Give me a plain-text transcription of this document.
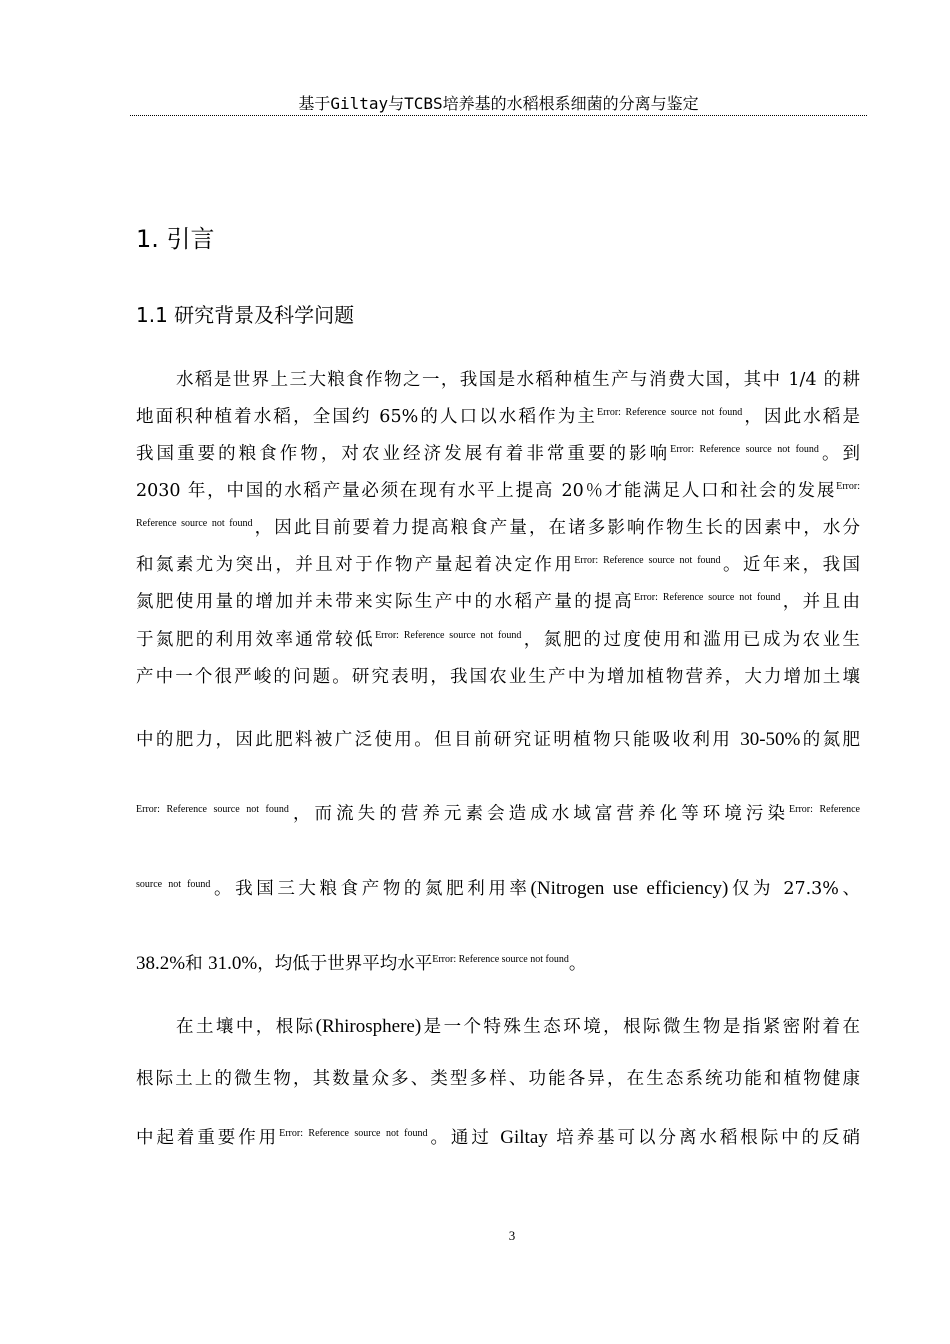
基于Giltay与TCBS培养基的水稻根系细菌的分离与鉴定
1. 引言
1.1 研究背景及科学问题
水稻是世界上三大粮食作物之一，我国是水稻种植生产与消费大国，其中 1/4 的耕
地面积种植着水稻，全国约 65%的人口以水稻作为主$^{Error: Reference source not found}$，因此水稻是
我国重要的粮食作物，对农业经济发展有着非常重要的影响$^{Error: Reference source not found}$。到
2030 年，中国的水稻产量必须在现有水平上提高 20％才能满足人口和社会的发展$^{Error:}$
$^{Reference source not found}$，因此目前要着力提高粮食产量，在诸多影响作物生长的因素中，水分
和氮素尤为突出，并且对于作物产量起着决定作用$^{Error: Reference source not found}$。近年来，我国
氮肥使用量的增加并未带来实际生产中的水稻产量的提高$^{Error: Reference source not found}$，并且由
于氮肥的利用效率通常较低$^{Error: Reference source not found}$，氮肥的过度使用和滥用已成为农业生
产中一个很严峻的问题。研究表明，我国农业生产中为增加植物营养，大力增加土壤
中的肥力，因此肥料被广泛使用。但目前研究证明植物只能吸收利用 30-50%的氮肥
$^{Error: Reference source not found}$，而流失的营养元素会造成水域富营养化等环境污染$^{Error: Reference}$
$^{source not found}$。我国三大粮食产物的氮肥利用率(Nitrogen use efficiency)仅为 27.3%、
38.2%和 31.0%，均低于世界平均水平$^{Error: Reference source not found}$。
在土壤中，根际(Rhirosphere)是一个特殊生态环境，根际微生物是指紧密附着在
根际土上的微生物，其数量众多、类型多样、功能各异，在生态系统功能和植物健康
中起着重要作用$^{Error: Reference source not found}$。通过 Giltay 培养基可以分离水稻根际中的反硝
3
